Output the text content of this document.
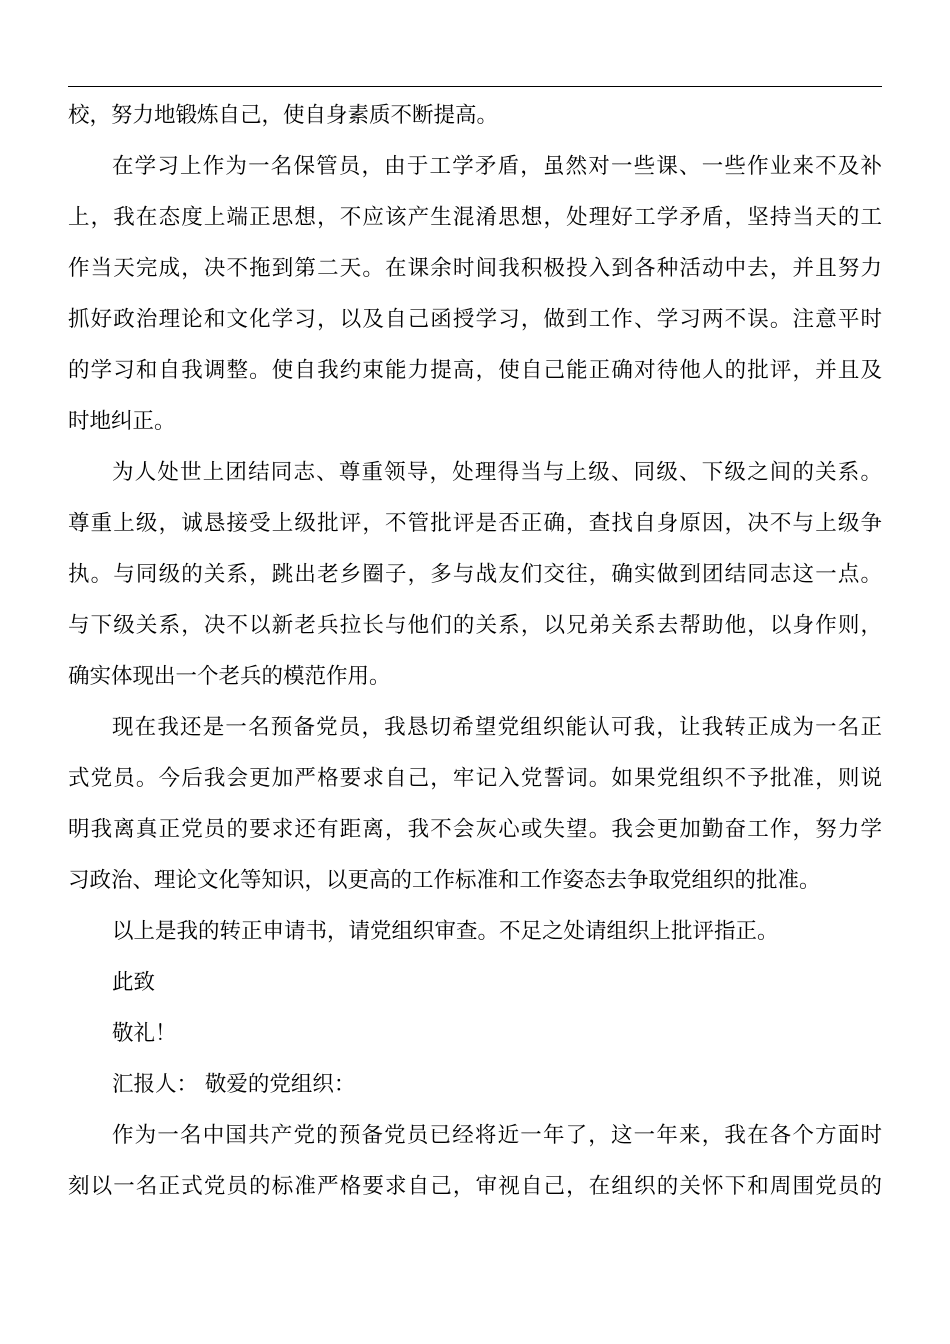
校，努力地锻炼自己，使自身素质不断提高。
在学习上作为一名保管员，由于工学矛盾，虽然对一些课、一些作业来不及补
上，我在态度上端正思想，不应该产生混淆思想，处理好工学矛盾，坚持当天的工
作当天完成，决不拖到第二天。在课余时间我积极投入到各种活动中去，并且努力
抓好政治理论和文化学习，以及自己函授学习，做到工作、学习两不误。注意平时
的学习和自我调整。使自我约束能力提高，使自己能正确对待他人的批评，并且及
时地纠正。
为人处世上团结同志、尊重领导，处理得当与上级、同级、下级之间的关系。
尊重上级，诚恳接受上级批评，不管批评是否正确，查找自身原因，决不与上级争
执。与同级的关系，跳出老乡圈子，多与战友们交往，确实做到团结同志这一点。
与下级关系，决不以新老兵拉长与他们的关系，以兄弟关系去帮助他，以身作则，
确实体现出一个老兵的模范作用。
现在我还是一名预备党员，我恳切希望党组织能认可我，让我转正成为一名正
式党员。今后我会更加严格要求自己，牢记入党誓词。如果党组织不予批准，则说
明我离真正党员的要求还有距离，我不会灰心或失望。我会更加勤奋工作，努力学
习政治、理论文化等知识，以更高的工作标准和工作姿态去争取党组织的批准。
以上是我的转正申请书，请党组织审查。不足之处请组织上批评指正。
此致
敬礼！
汇报人： 敬爱的党组织：
作为一名中国共产党的预备党员已经将近一年了，这一年来，我在各个方面时
刻以一名正式党员的标准严格要求自己，审视自己，在组织的关怀下和周围党员的
